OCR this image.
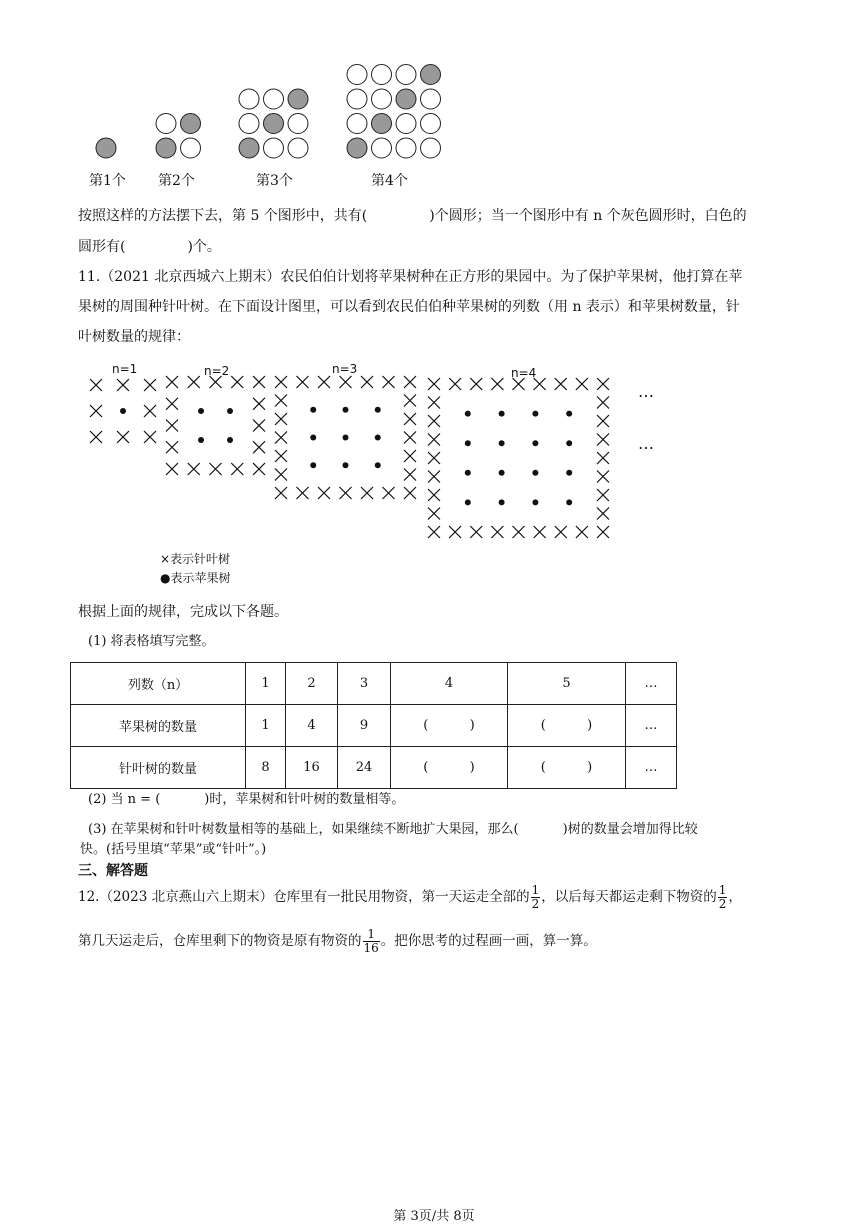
第1个 第2个	第3个	第4个
按照这样的方法摆下去，第 5 个图形中，共有(	)个圆形；当一个图形中有 n 个灰色圆形时，白色的
圆形有(	)个。
11.（2021 北京西城六上期末）农民伯伯计划将苹果树种在正方形的果园中。为了保护苹果树，他打算在苹
果树的周围种针叶树。在下面设计图里，可以看到农民伯伯种苹果树的列数（用 n 表示）和苹果树数量，针
叶树数量的规律：
n=1	n=2	n=3	n=4
…
…
×表示针叶树
●表示苹果树
根据上面的规律，完成以下各题。
(1) 将表格填写完整。
列数（n）	1	2	3	4	5	…
苹果树的数量	1	4	9	(          )	(          )	…
针叶树的数量	8	16	24	(          )	(          )	…
(2) 当 n = (	)时，苹果树和针叶树的数量相等。
(3) 在苹果树和针叶树数量相等的基础上，如果继续不断地扩大果园，那么(	)树的数量会增加得比较
快。(括号里填“苹果”或“针叶”。)
三、解答题
12.（2023 北京燕山六上期末）仓库里有一批民用物资，第一天运走全部的 $\frac{1}{2}$ ，以后每天都运走剩下物资的 $\frac{1}{2}$ ，
第几天运走后，仓库里剩下的物资是原有物资的 $\frac{1}{16}$ 。把你思考的过程画一画，算一算。
第 3页/共 8页
